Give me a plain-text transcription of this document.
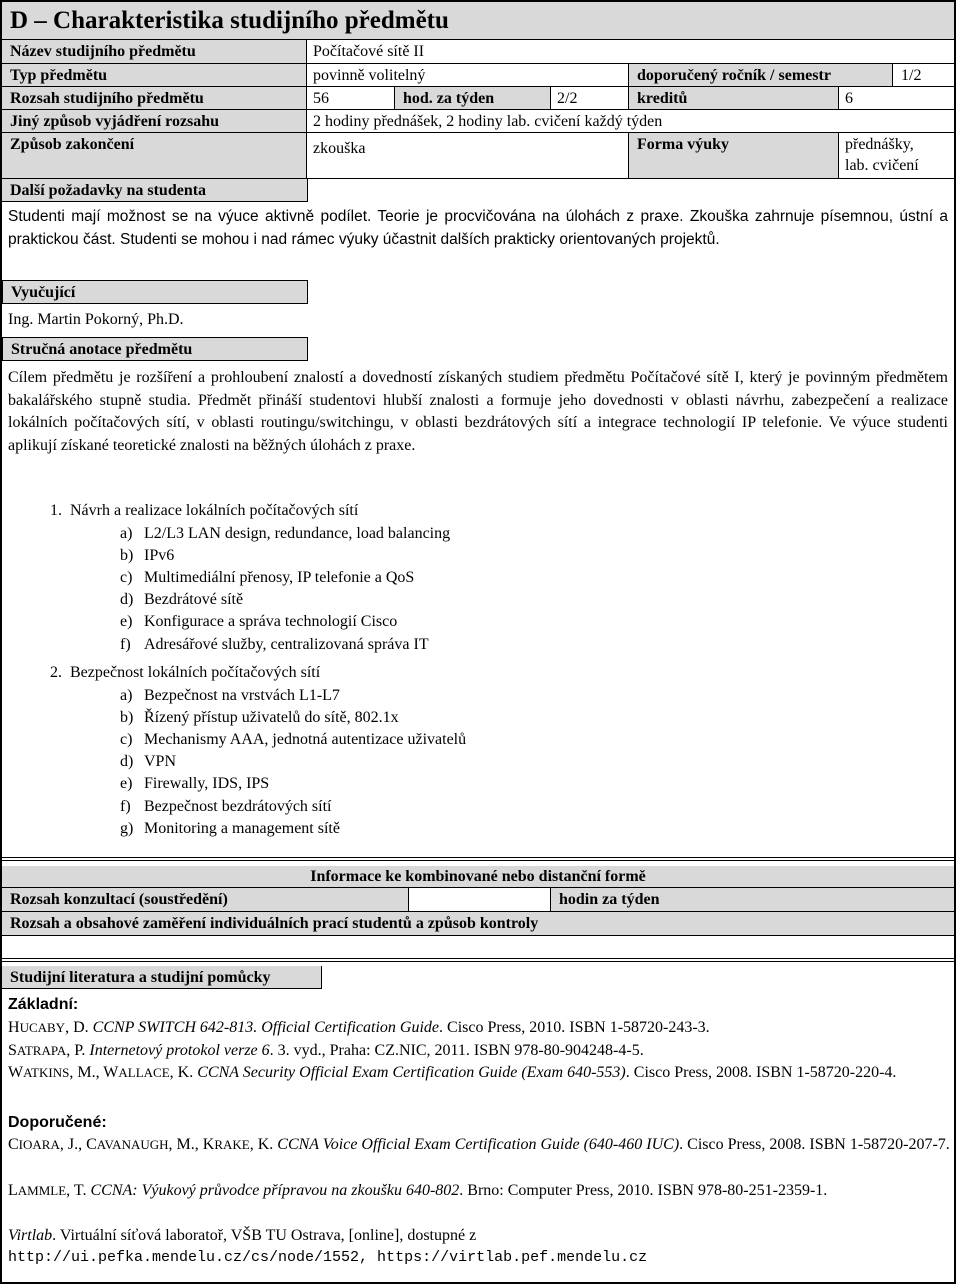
D – Charakteristika studijního předmětu
Název studijního předmětu	Počítačové sítě II
Typ předmětu	povinně volitelný	doporučený ročník / semestr	1/2
Rozsah studijního předmětu	56	hod. za týden	2/2	kreditů	6
Jiný způsob vyjádření rozsahu	2 hodiny přednášek, 2 hodiny lab. cvičení každý týden
Způsob zakončení	zkouška	Forma výuky	přednášky,
lab. cvičení
Další požadavky na studenta
Studenti mají možnost se na výuce aktivně podílet. Teorie je procvičována na úlohách z praxe. Zkouška zahrnuje písemnou, ústní a praktickou část. Studenti se mohou i nad rámec výuky účastnit dalších prakticky orientovaných projektů.
Vyučující
Ing. Martin Pokorný, Ph.D.
Stručná anotace předmětu
Cílem předmětu je rozšíření a prohloubení znalostí a dovedností získaných studiem předmětu Počítačové sítě I, který je povinným předmětem bakalářského stupně studia. Předmět přináší studentovi hlubší znalosti a formuje jeho dovednosti v oblasti návrhu, zabezpečení a realizace lokálních počítačových sítí, v oblasti routingu/switchingu, v oblasti bezdrátových sítí a integrace technologií IP telefonie. Ve výuce studenti aplikují získané teoretické znalosti na běžných úlohách z praxe.
1. Návrh a realizace lokálních počítačových sítí
a) L2/L3 LAN design, redundance, load balancing
b) IPv6
c) Multimediální přenosy, IP telefonie a QoS
d) Bezdrátové sítě
e) Konfigurace a správa technologií Cisco
f) Adresářové služby, centralizovaná správa IT
2. Bezpečnost lokálních počítačových sítí
a) Bezpečnost na vrstvách L1-L7
b) Řízený přístup uživatelů do sítě, 802.1x
c) Mechanismy AAA, jednotná autentizace uživatelů
d) VPN
e) Firewally, IDS, IPS
f) Bezpečnost bezdrátových sítí
g) Monitoring a management sítě
Informace ke kombinované nebo distanční formě
Rozsah konzultací (soustředění)	hodin za týden
Rozsah a obsahové zaměření individuálních prací studentů a způsob kontroly
Studijní literatura a studijní pomůcky
Základní:
HUCABY, D. CCNP SWITCH 642-813. Official Certification Guide. Cisco Press, 2010. ISBN 1-58720-243-3.
SATRAPA, P. Internetový protokol verze 6. 3. vyd., Praha: CZ.NIC, 2011. ISBN 978-80-904248-4-5.
WATKINS, M., WALLACE, K. CCNA Security Official Exam Certification Guide (Exam 640-553). Cisco Press, 2008. ISBN 1-58720-220-4.
Doporučené:
CIOARA, J., CAVANAUGH, M., KRAKE, K. CCNA Voice Official Exam Certification Guide (640-460 IUC). Cisco Press, 2008. ISBN 1-58720-207-7.
LAMMLE, T. CCNA: Výukový průvodce přípravou na zkoušku 640-802. Brno: Computer Press, 2010. ISBN 978-80-251-2359-1.
Virtlab. Virtuální síťová laboratoř, VŠB TU Ostrava, [online], dostupné z
http://ui.pefka.mendelu.cz/cs/node/1552, https://virtlab.pef.mendelu.cz
